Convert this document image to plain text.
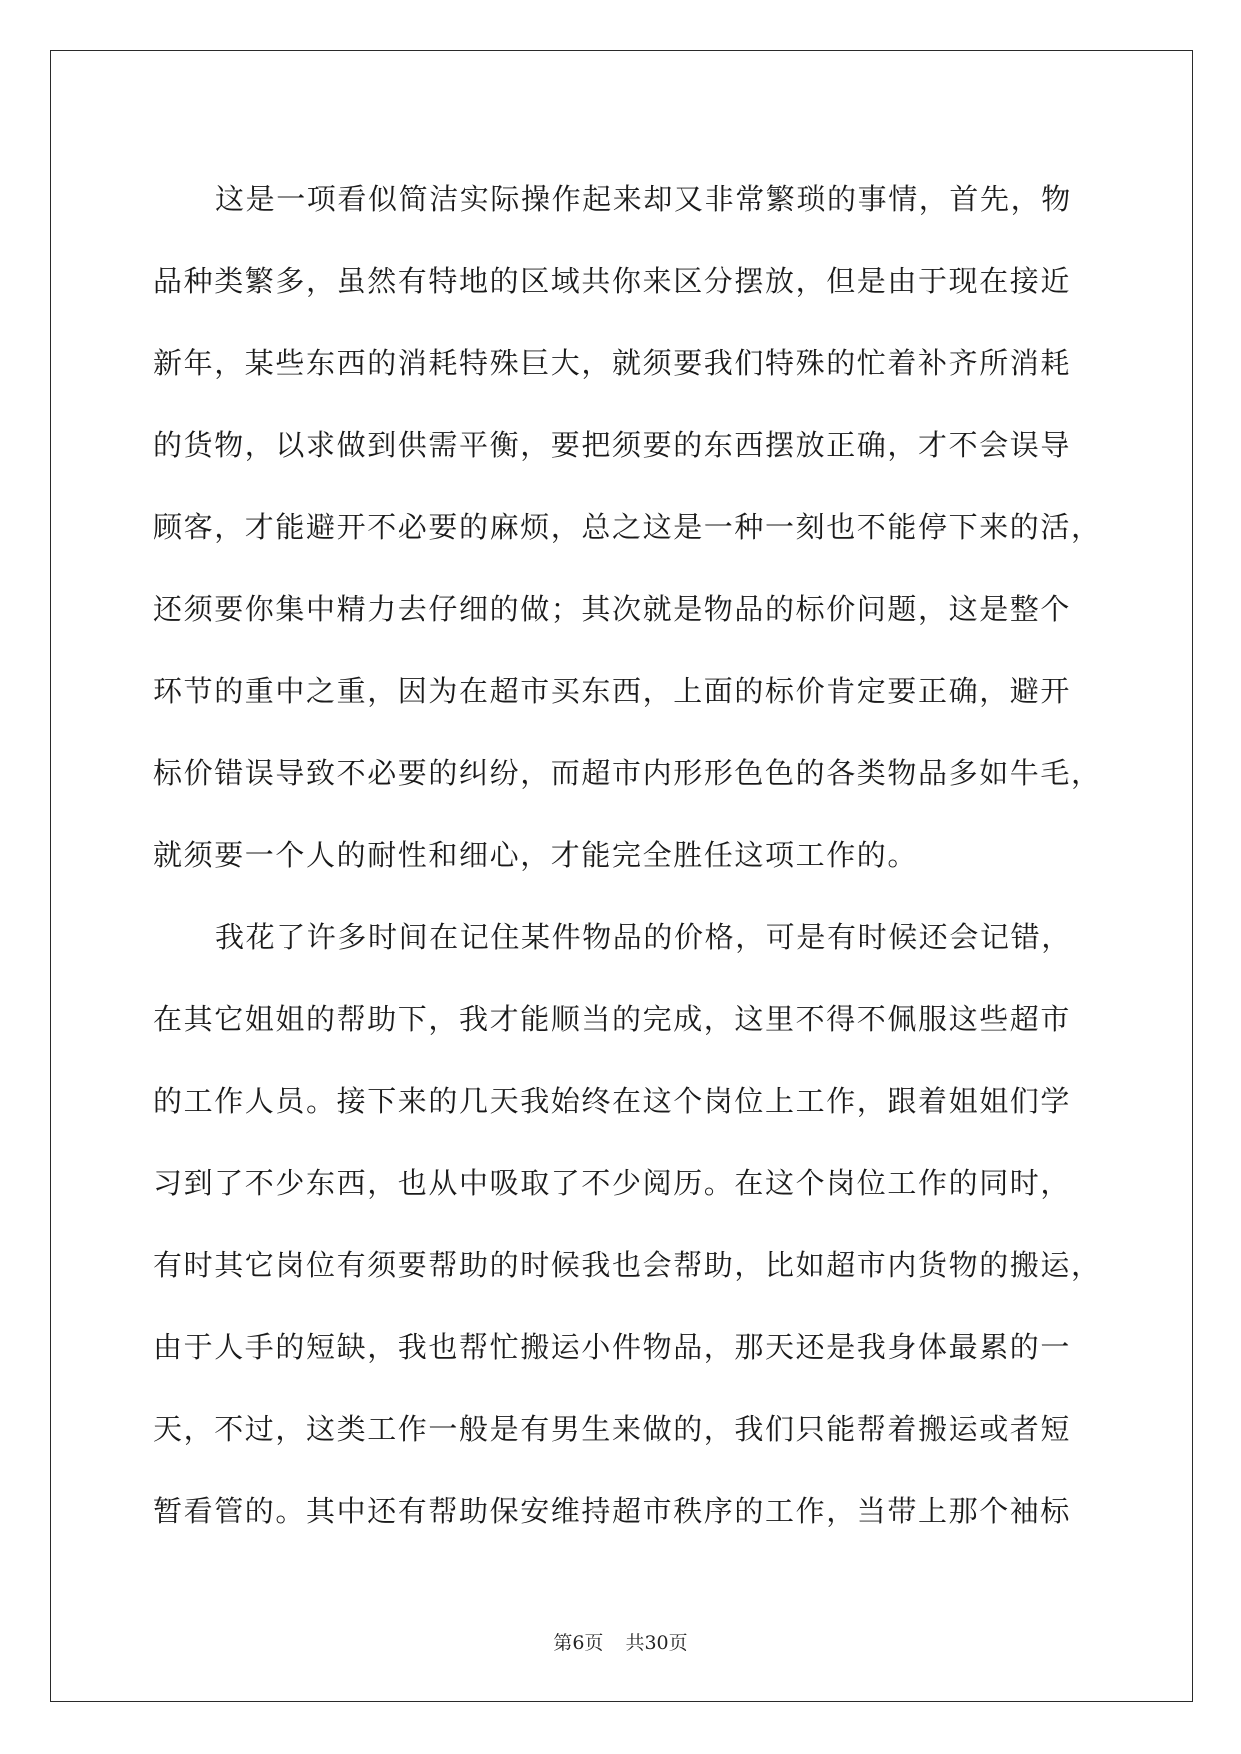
这是一项看似简洁实际操作起来却又非常繁琐的事情，首先，物
品种类繁多，虽然有特地的区域共你来区分摆放，但是由于现在接近
新年，某些东西的消耗特殊巨大，就须要我们特殊的忙着补齐所消耗
的货物，以求做到供需平衡，要把须要的东西摆放正确，才不会误导
顾客，才能避开不必要的麻烦，总之这是一种一刻也不能停下来的活，
还须要你集中精力去仔细的做；其次就是物品的标价问题，这是整个
环节的重中之重，因为在超市买东西，上面的标价肯定要正确，避开
标价错误导致不必要的纠纷，而超市内形形色色的各类物品多如牛毛，
就须要一个人的耐性和细心，才能完全胜任这项工作的。
我花了许多时间在记住某件物品的价格，可是有时候还会记错，
在其它姐姐的帮助下，我才能顺当的完成，这里不得不佩服这些超市
的工作人员。接下来的几天我始终在这个岗位上工作，跟着姐姐们学
习到了不少东西，也从中吸取了不少阅历。在这个岗位工作的同时，
有时其它岗位有须要帮助的时候我也会帮助，比如超市内货物的搬运，
由于人手的短缺，我也帮忙搬运小件物品，那天还是我身体最累的一
天，不过，这类工作一般是有男生来做的，我们只能帮着搬运或者短
暂看管的。其中还有帮助保安维持超市秩序的工作，当带上那个袖标
第6页 共30页
